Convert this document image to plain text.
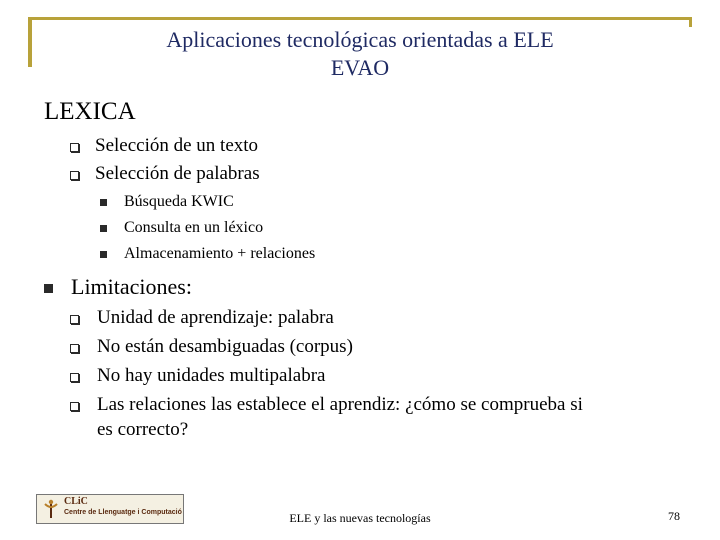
Aplicaciones tecnológicas orientadas a ELE
EVAO
LEXICA
Selección de un texto
Selección de palabras
Búsqueda KWIC
Consulta en un léxico
Almacenamiento + relaciones
Limitaciones:
Unidad de aprendizaje: palabra
No están desambiguadas (corpus)
No hay unidades multipalabra
Las relaciones las establece el aprendiz: ¿cómo se comprueba si
es correcto?
CLiC
Centre de Llenguatge i Computació	ELE y las nuevas tecnologías	78
